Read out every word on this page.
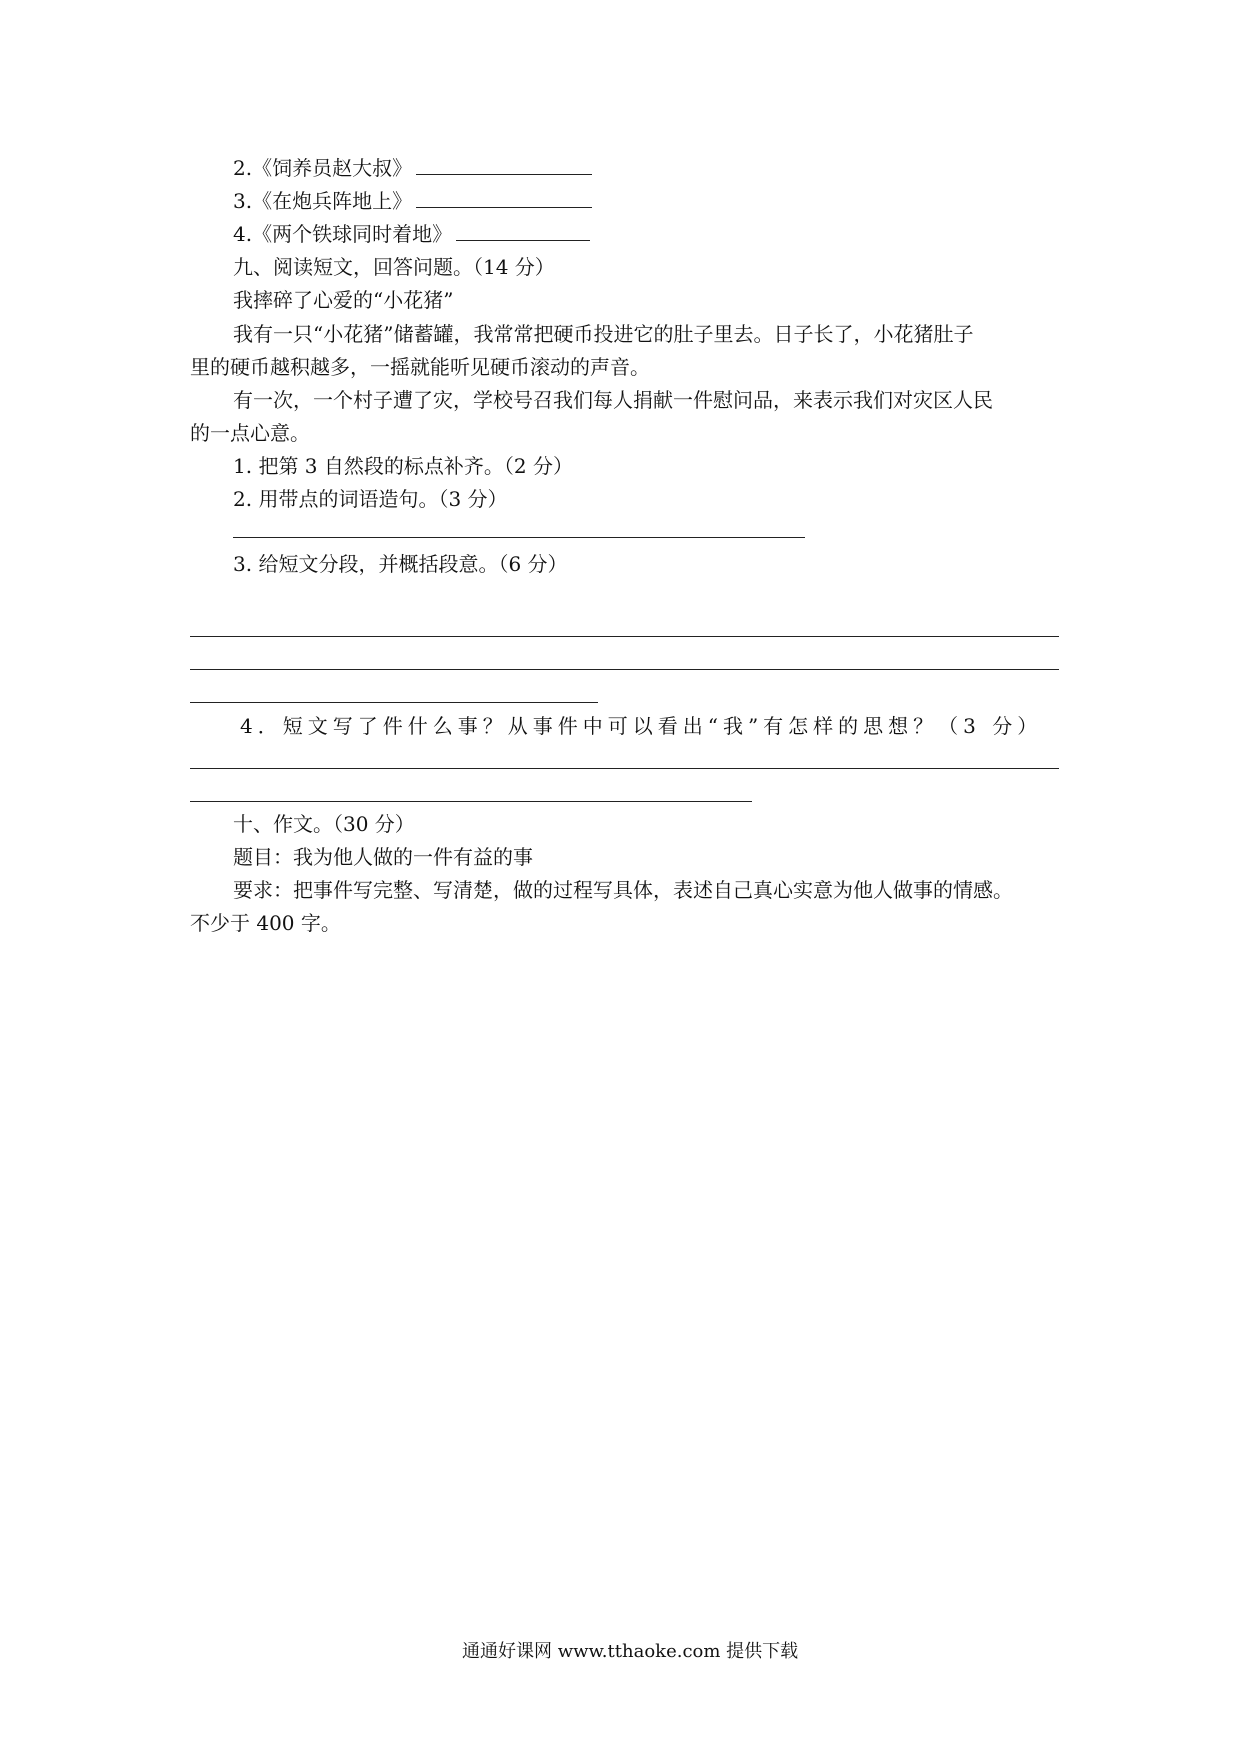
2.《饲养员赵大叔》
3.《在炮兵阵地上》
4.《两个铁球同时着地》
九、阅读短文，回答问题。（14 分）
我摔碎了心爱的“小花猪”
我有一只“小花猪”储蓄罐，我常常把硬币投进它的肚子里去。日子长了，小花猪肚子
里的硬币越积越多，一摇就能听见硬币滚动的声音。
有一次，一个村子遭了灾，学校号召我们每人捐献一件慰问品，来表示我们对灾区人民
的一点心意。
1. 把第 3 自然段的标点补齐。（2 分）
2. 用带点的词语造句。（3 分）
3. 给短文分段，并概括段意。（6 分）
4．短文写了件什么事？从事件中可以看出“我”有怎样的思想？（3 分）
十、作文。（30 分）
题目：我为他人做的一件有益的事
要求：把事件写完整、写清楚，做的过程写具体，表述自己真心实意为他人做事的情感。
不少于 400 字。
通通好课网 www.tthaoke.com 提供下载
